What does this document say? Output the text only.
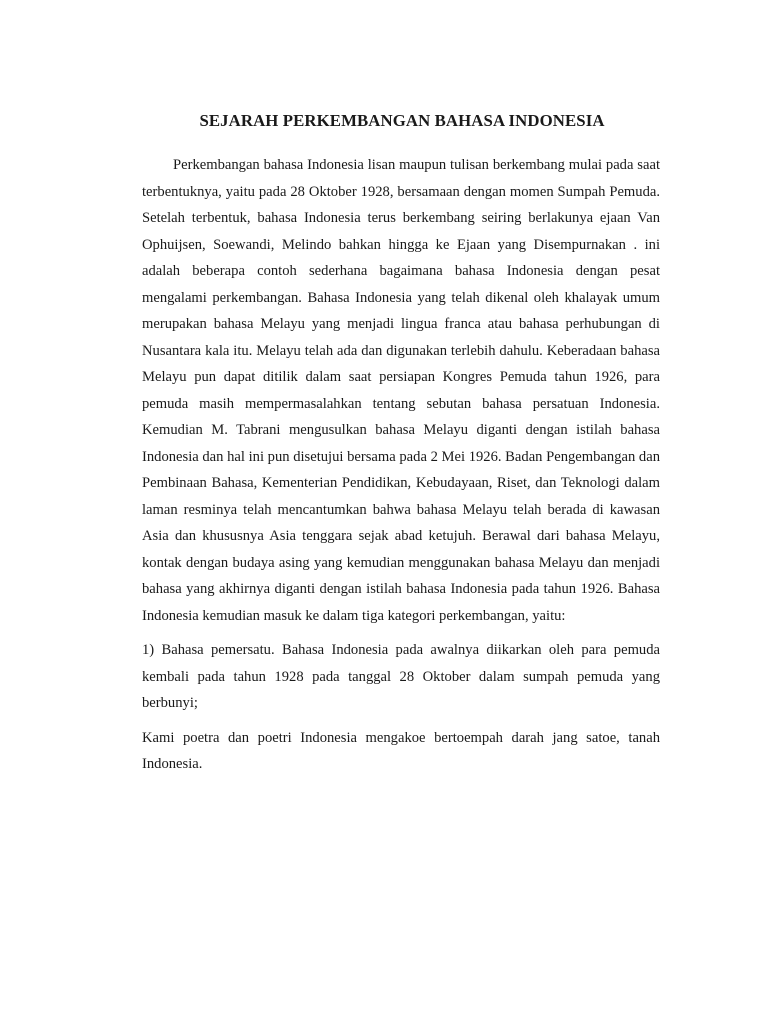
SEJARAH PERKEMBANGAN BAHASA INDONESIA

Perkembangan bahasa Indonesia lisan maupun tulisan berkembang mulai pada saat terbentuknya, yaitu pada 28 Oktober 1928, bersamaan dengan momen Sumpah Pemuda. Setelah terbentuk, bahasa Indonesia terus berkembang seiring berlakunya ejaan Van Ophuijsen, Soewandi, Melindo bahkan hingga ke Ejaan yang Disempurnakan . ini adalah beberapa contoh sederhana bagaimana bahasa Indonesia dengan pesat mengalami perkembangan. Bahasa Indonesia yang telah dikenal oleh khalayak umum merupakan bahasa Melayu yang menjadi lingua franca atau bahasa perhubungan di Nusantara kala itu. Melayu telah ada dan digunakan terlebih dahulu. Keberadaan bahasa Melayu pun dapat ditilik dalam saat persiapan Kongres Pemuda tahun 1926, para pemuda masih mempermasalahkan tentang sebutan bahasa persatuan Indonesia. Kemudian M. Tabrani mengusulkan bahasa Melayu diganti dengan istilah bahasa Indonesia dan hal ini pun disetujui bersama pada 2 Mei 1926. Badan Pengembangan dan Pembinaan Bahasa, Kementerian Pendidikan, Kebudayaan, Riset, dan Teknologi dalam laman resminya telah mencantumkan bahwa bahasa Melayu telah berada di kawasan Asia dan khususnya Asia tenggara sejak abad ketujuh. Berawal dari bahasa Melayu, kontak dengan budaya asing yang kemudian menggunakan bahasa Melayu dan menjadi bahasa yang akhirnya diganti dengan istilah bahasa Indonesia pada tahun 1926. Bahasa Indonesia kemudian masuk ke dalam tiga kategori perkembangan, yaitu:

1) Bahasa pemersatu. Bahasa Indonesia pada awalnya diikarkan oleh para pemuda kembali pada tahun 1928 pada tanggal 28 Oktober dalam sumpah pemuda yang berbunyi;

Kami poetra dan poetri Indonesia mengakoe bertoempah darah jang satoe, tanah Indonesia.
